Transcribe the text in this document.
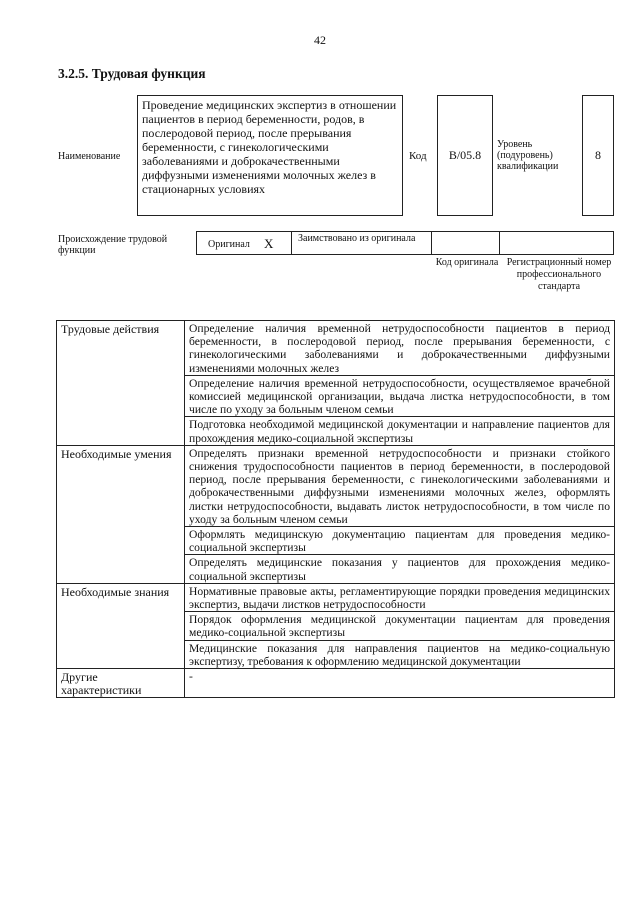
42
3.2.5. Трудовая функция
Наименование
Проведение медицинских экспертиз в отношении пациентов в период беременности, родов, в послеродовой период, после прерывания беременности, с гинекологическими заболеваниями и доброкачественными диффузными изменениями молочных желез в стационарных условиях
Код В/05.8
Уровень (подуровень) квалификации
8
Происхождение трудовой функции
Оригинал Х Заимствовано из оригинала
Код оригинала Регистрационный номер профессионального стандарта
Трудовые действия	Определение наличия временной нетрудоспособности пациентов в период беременности, в послеродовой период, после прерывания беременности, с гинекологическими заболеваниями и доброкачественными диффузными изменениями молочных желез
	Определение наличия временной нетрудоспособности, осуществляемое врачебной комиссией медицинской организации, выдача листка нетрудоспособности, в том числе по уходу за больным членом семьи
	Подготовка необходимой медицинской документации и направление пациентов для прохождения медико-социальной экспертизы
Необходимые умения	Определять признаки временной нетрудоспособности и признаки стойкого снижения трудоспособности пациентов в период беременности, в послеродовой период, после прерывания беременности, с гинекологическими заболеваниями и доброкачественными диффузными изменениями молочных желез, оформлять листки нетрудоспособности, выдавать листок нетрудоспособности, в том числе по уходу за больным членом семьи
	Оформлять медицинскую документацию пациентам для проведения медико-социальной экспертизы
	Определять медицинские показания у пациентов для прохождения медико-социальной экспертизы
Необходимые знания	Нормативные правовые акты, регламентирующие порядки проведения медицинских экспертиз, выдачи листков нетрудоспособности
	Порядок оформления медицинской документации пациентам для проведения медико-социальной экспертизы
	Медицинские показания для направления пациентов на медико-социальную экспертизу, требования к оформлению медицинской документации
Другие характеристики	-
